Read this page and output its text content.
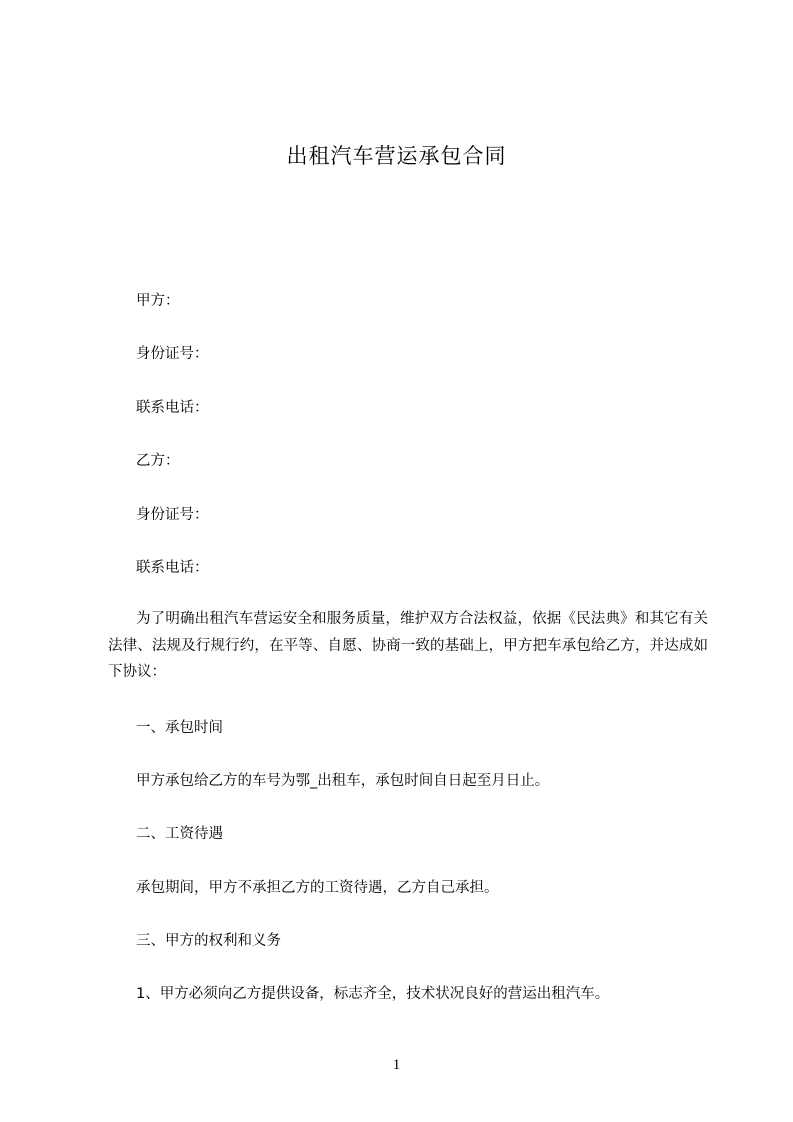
出租汽车营运承包合同
甲方：
身份证号：
联系电话：
乙方：
身份证号：
联系电话：
为了明确出租汽车营运安全和服务质量，维护双方合法权益，依据《民法典》和其它有关法律、法规及行规行约，在平等、自愿、协商一致的基础上，甲方把车承包给乙方，并达成如下协议：
一、承包时间
甲方承包给乙方的车号为鄂_出租车，承包时间自日起至月日止。
二、工资待遇
承包期间，甲方不承担乙方的工资待遇，乙方自己承担。
三、甲方的权利和义务
1、甲方必须向乙方提供设备，标志齐全，技术状况良好的营运出租汽车。
1
